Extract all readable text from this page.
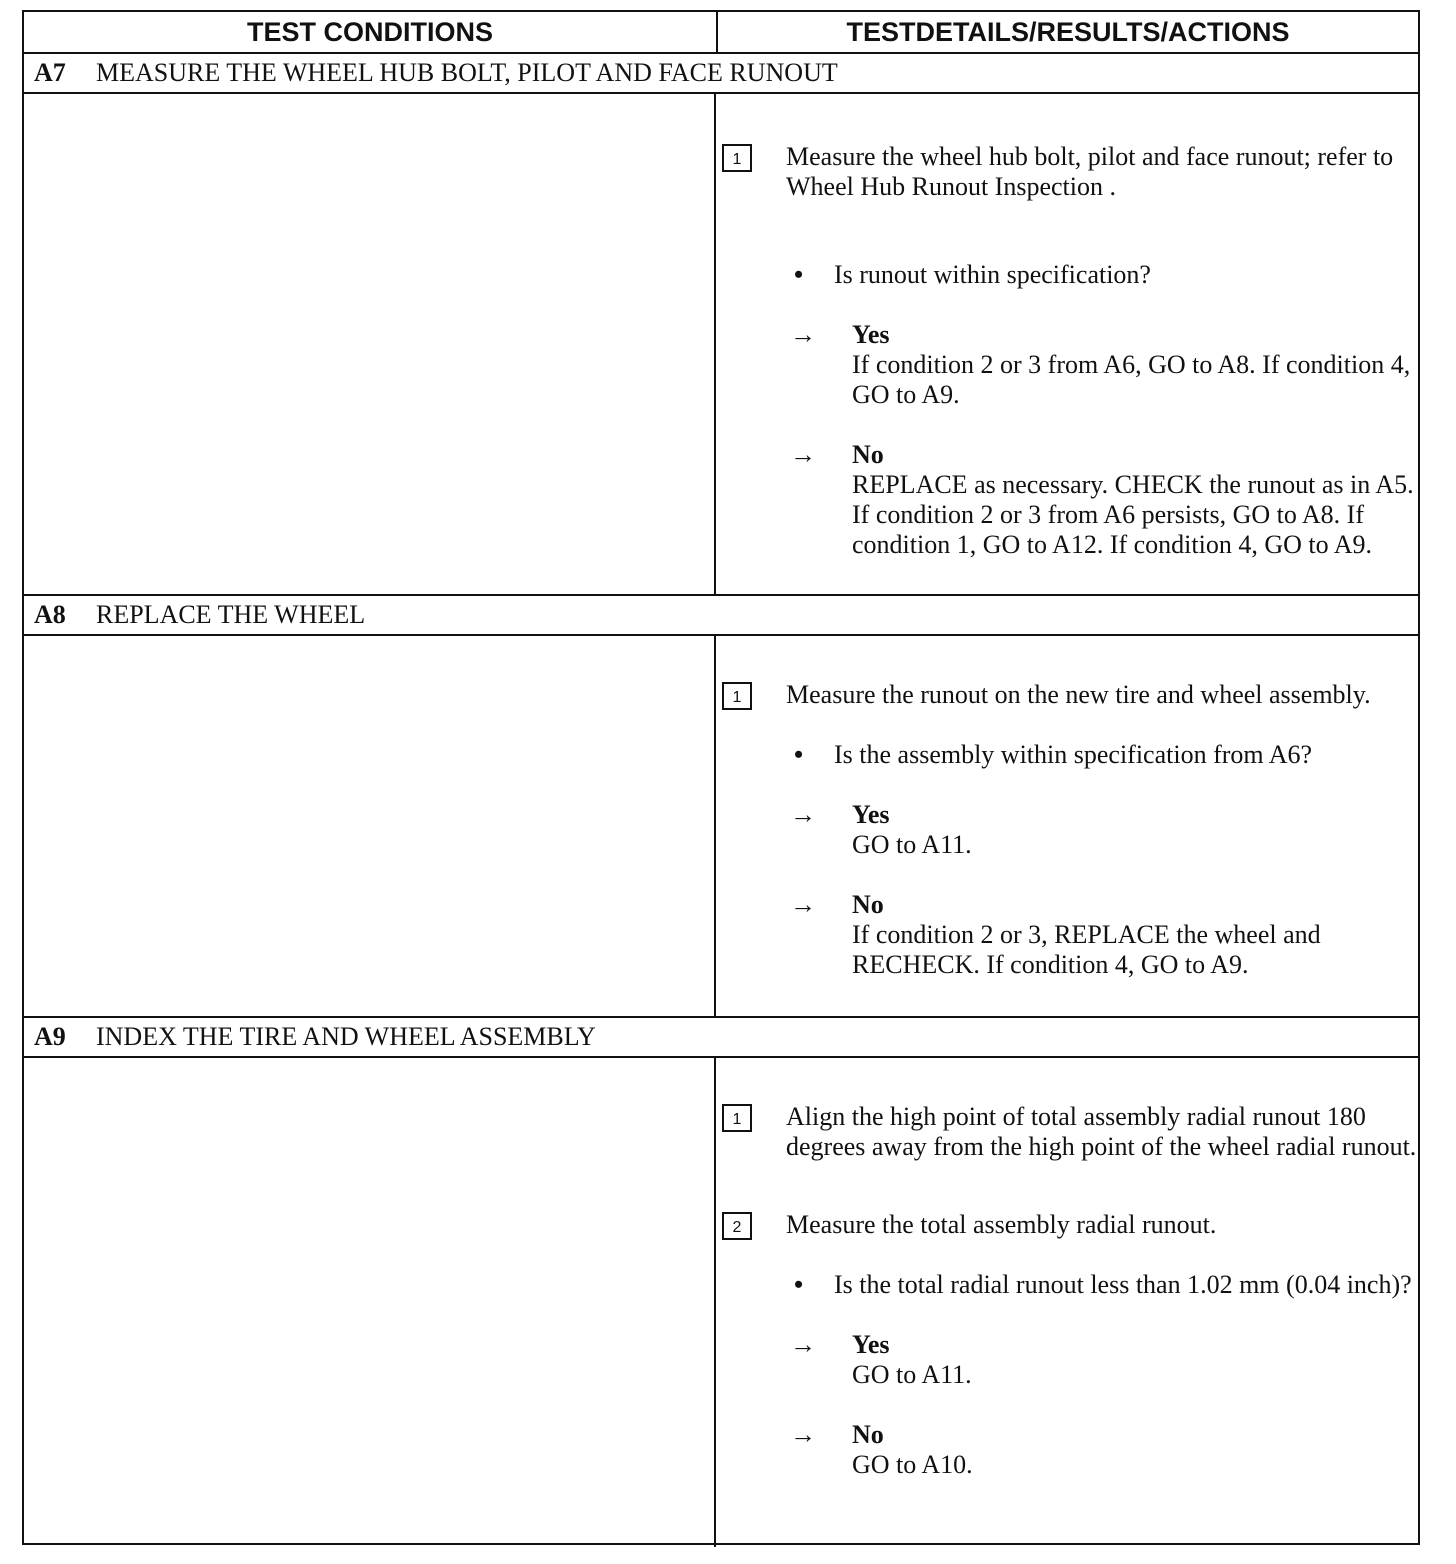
TEST CONDITIONS	TESTDETAILS/RESULTS/ACTIONS
A7	MEASURE THE WHEEL HUB BOLT, PILOT AND FACE RUNOUT
1	Measure the wheel hub bolt, pilot and face runout; refer to Wheel Hub Runout Inspection .
• Is runout within specification?
→ Yes
If condition 2 or 3 from A6, GO to A8. If condition 4, GO to A9.
→ No
REPLACE as necessary. CHECK the runout as in A5. If condition 2 or 3 from A6 persists, GO to A8. If condition 1, GO to A12. If condition 4, GO to A9.
A8	REPLACE THE WHEEL
1	Measure the runout on the new tire and wheel assembly.
• Is the assembly within specification from A6?
→ Yes
GO to A11.
→ No
If condition 2 or 3, REPLACE the wheel and RECHECK. If condition 4, GO to A9.
A9	INDEX THE TIRE AND WHEEL ASSEMBLY
1	Align the high point of total assembly radial runout 180 degrees away from the high point of the wheel radial runout.
2	Measure the total assembly radial runout.
• Is the total radial runout less than 1.02 mm (0.04 inch)?
→ Yes
GO to A11.
→ No
GO to A10.
